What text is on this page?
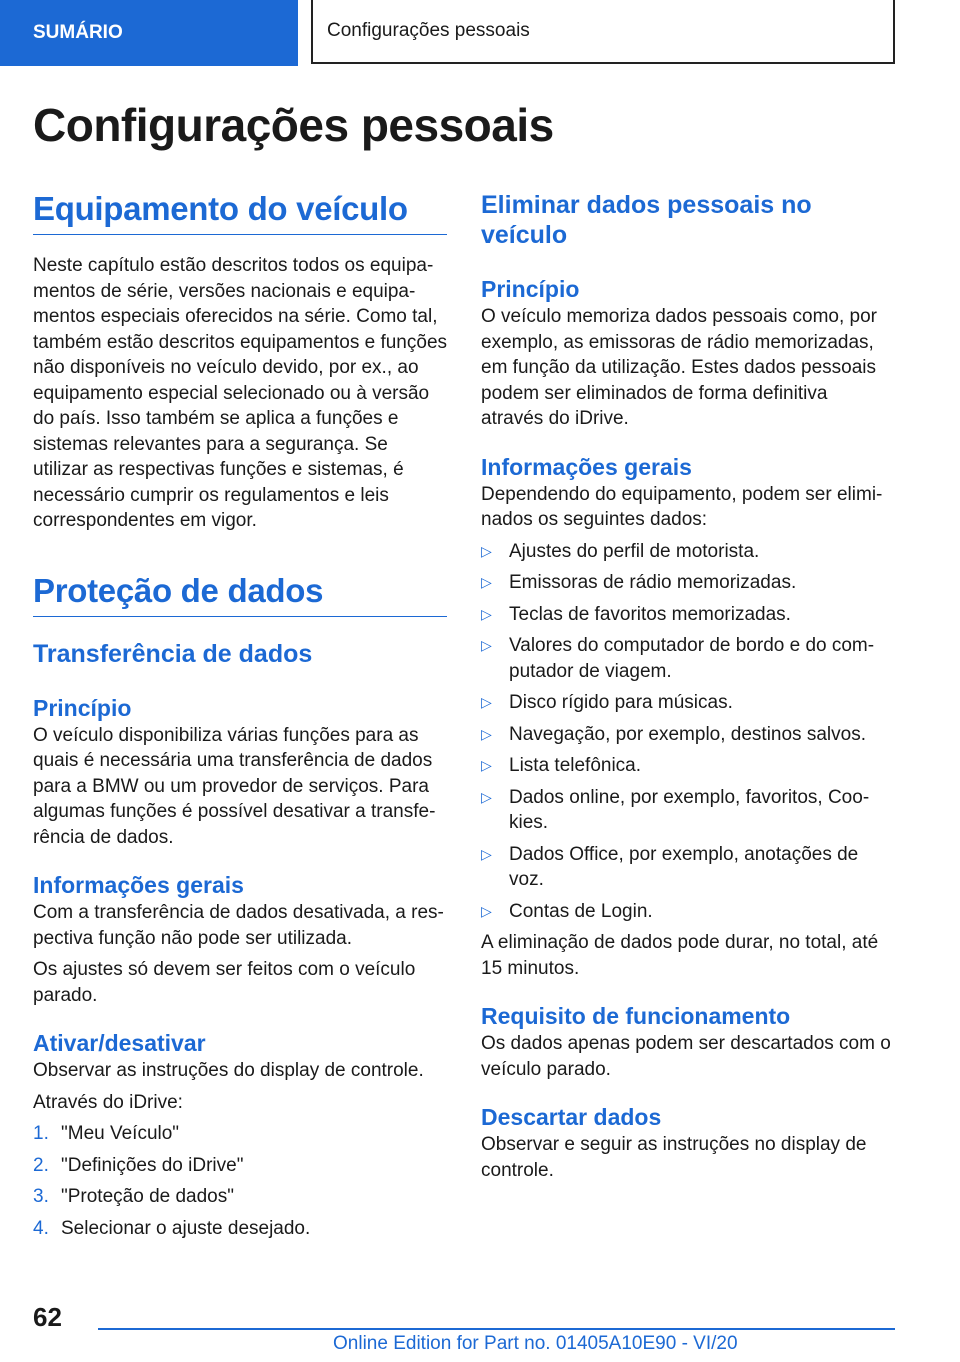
SUMÁRIO	Configurações pessoais
Configurações pessoais
Equipamento do veículo

Neste capítulo estão descritos todos os equipamentos de série, versões nacionais e equipamentos especiais oferecidos na série. Como tal, também estão descritos equipamentos e funções não disponíveis no veículo devido, por ex., ao equipamento especial selecionado ou à versão do país. Isso também se aplica a funções e sistemas relevantes para a segurança. Se utilizar as respectivas funções e sistemas, é necessário cumprir os regulamentos e leis correspondentes em vigor.

Proteção de dados
Transferência de dados
Princípio

O veículo disponibiliza várias funções para as quais é necessária uma transferência de dados para a BMW ou um provedor de serviços. Para algumas funções é possível desativar a transferência de dados.

Informações gerais

Com a transferência de dados desativada, a respectiva função não pode ser utilizada.

Os ajustes só devem ser feitos com o veículo parado.

Ativar/desativar

Observar as instruções do display de controle.

Através do iDrive:

1. "Meu Veículo"
2. "Definições do iDrive"
3. "Proteção de dados"
4. Selecionar o ajuste desejado.
Eliminar dados pessoais no veículo
Princípio

O veículo memoriza dados pessoais como, por exemplo, as emissoras de rádio memorizadas, em função da utilização. Estes dados pessoais podem ser eliminados de forma definitiva através do iDrive.

Informações gerais

Dependendo do equipamento, podem ser eliminados os seguintes dados:

▷ Ajustes do perfil de motorista.
▷ Emissoras de rádio memorizadas.
▷ Teclas de favoritos memorizadas.
▷ Valores do computador de bordo e do computador de viagem.
▷ Disco rígido para músicas.
▷ Navegação, por exemplo, destinos salvos.
▷ Lista telefônica.
▷ Dados online, por exemplo, favoritos, Cookies.
▷ Dados Office, por exemplo, anotações de voz.
▷ Contas de Login.

A eliminação de dados pode durar, no total, até 15 minutos.

Requisito de funcionamento

Os dados apenas podem ser descartados com o veículo parado.

Descartar dados

Observar e seguir as instruções no display de controle.

62
Online Edition for Part no. 01405A10E90 - VI/20
